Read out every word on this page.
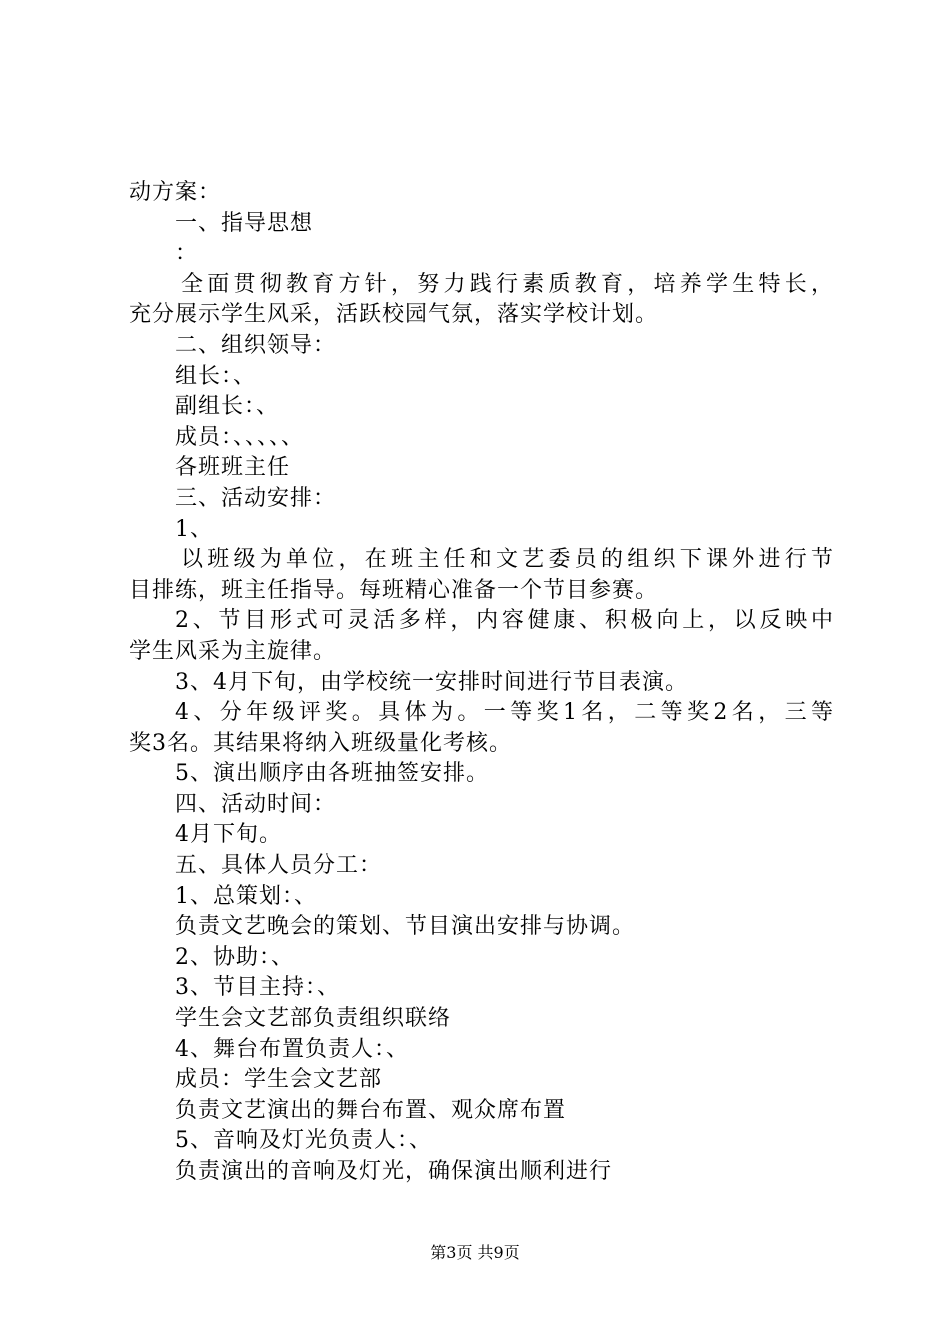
动方案：
一、指导思想
：
全面贯彻教育方针，努力践行素质教育，培养学生特长，
充分展示学生风采，活跃校园气氛，落实学校计划。
二、组织领导：
组长：、
副组长：、
成员：、、、、、
各班班主任
三、活动安排：
1、
以班级为单位，在班主任和文艺委员的组织下课外进行节
目排练，班主任指导。每班精心准备一个节目参赛。
2、节目形式可灵活多样，内容健康、积极向上，以反映中
学生风采为主旋律。
3、4月下旬，由学校统一安排时间进行节目表演。
4、分年级评奖。具体为。一等奖1名，二等奖2名，三等
奖3名。其结果将纳入班级量化考核。
5、演出顺序由各班抽签安排。
四、活动时间：
4月下旬。
五、具体人员分工：
1、总策划：、
负责文艺晚会的策划、节目演出安排与协调。
2、协助：、
3、节目主持：、
学生会文艺部负责组织联络
4、舞台布置负责人：、
成员：学生会文艺部
负责文艺演出的舞台布置、观众席布置
5、音响及灯光负责人：、
负责演出的音响及灯光，确保演出顺利进行
第3页 共9页
